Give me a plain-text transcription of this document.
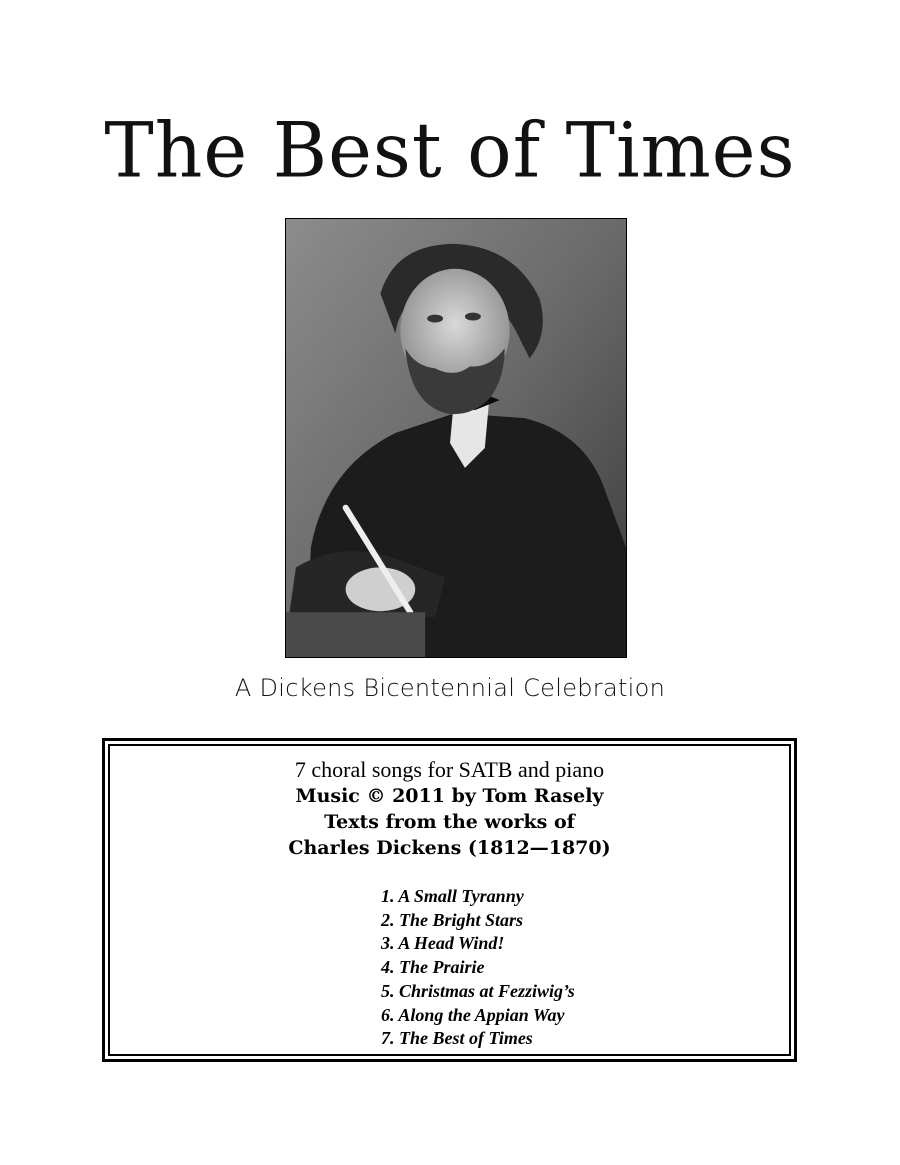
The Best of Times
A Dickens Bicentennial Celebration
7 choral songs for SATB and piano
Music © 2011 by Tom Rasely
Texts from the works of
Charles Dickens (1812—1870)
1. A Small Tyranny
2. The Bright Stars
3. A Head Wind!
4. The Prairie
5. Christmas at Fezziwig’s
6. Along the Appian Way
7. The Best of Times
